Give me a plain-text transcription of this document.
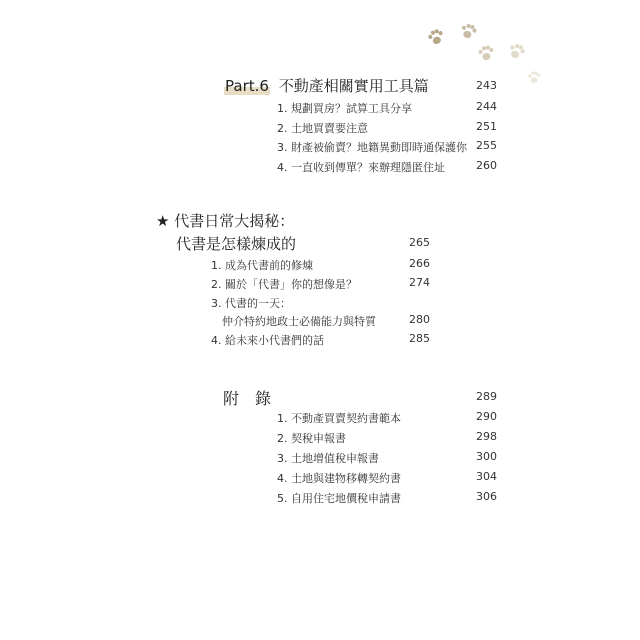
Part.6 不動產相關實用工具篇	243
1. 規劃買房？試算工具分享	244
2. 土地買賣要注意	251
3. 財產被偷賣？地籍異動即時通保護你 255
4. 一直收到傳單？來辦理隱匿住址	260
★ 代書日常大揭秘：
代書是怎樣煉成的	265
1. 成為代書前的修煉	266
2. 關於「代書」你的想像是？	274
3. 代書的一天：
仲介特約地政士必備能力與特質	280
4. 給未來小代書們的話	285
附　錄	289
1. 不動產買賣契約書範本	290
2. 契稅申報書	298
3. 土地增值稅申報書	300
4. 土地與建物移轉契約書	304
5. 自用住宅地價稅申請書	306
